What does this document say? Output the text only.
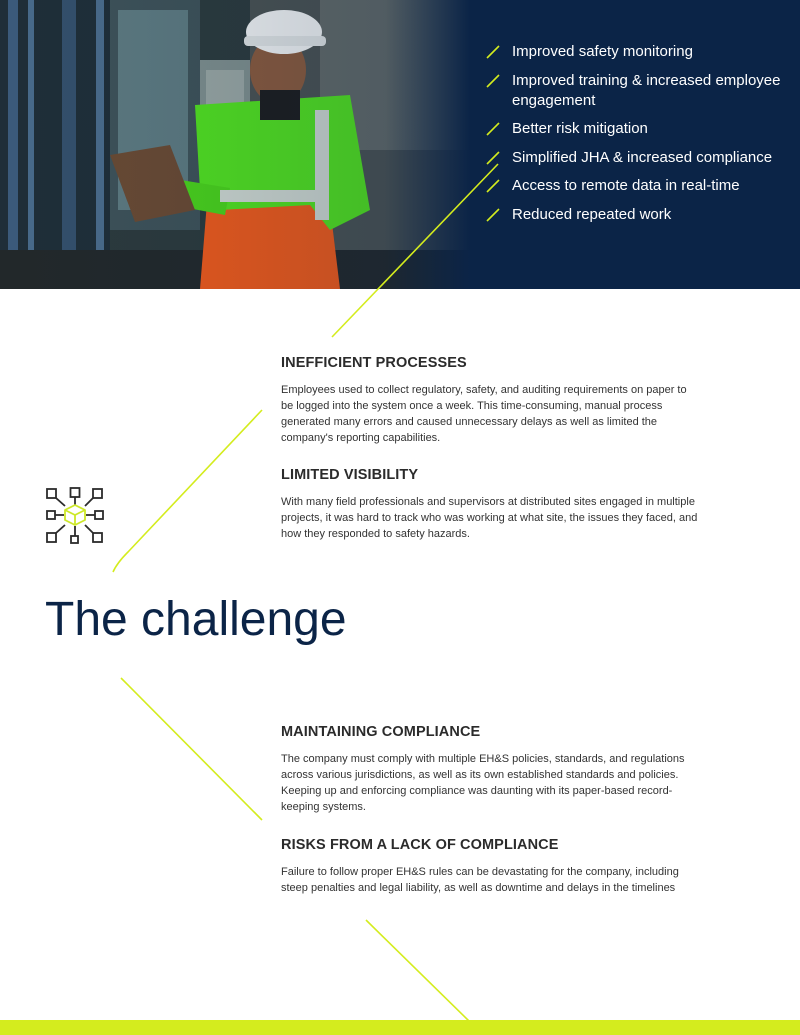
Improved safety monitoring
Improved training & increased employee engagement
Better risk mitigation
Simplified JHA & increased compliance
Access to remote data in real-time
Reduced repeated work
INEFFICIENT PROCESSES

Employees used to collect regulatory, safety, and auditing requirements on paper to be logged into the system once a week. This time-consuming, manual process generated many errors and caused unnecessary delays as well as limited the company's reporting capabilities.

LIMITED VISIBILITY

With many field professionals and supervisors at distributed sites engaged in multiple projects, it was hard to track who was working at what site, the issues they faced, and how they responded to safety hazards.

MAINTAINING COMPLIANCE

The company must comply with multiple EH&S policies, standards, and regulations across various jurisdictions, as well as its own established standards and policies. Keeping up and enforcing compliance was daunting with its paper-based record-keeping systems.

RISKS FROM A LACK OF COMPLIANCE

Failure to follow proper EH&S rules can be devastating for the company, including steep penalties and legal liability, as well as downtime and delays in the timelines

The challenge
